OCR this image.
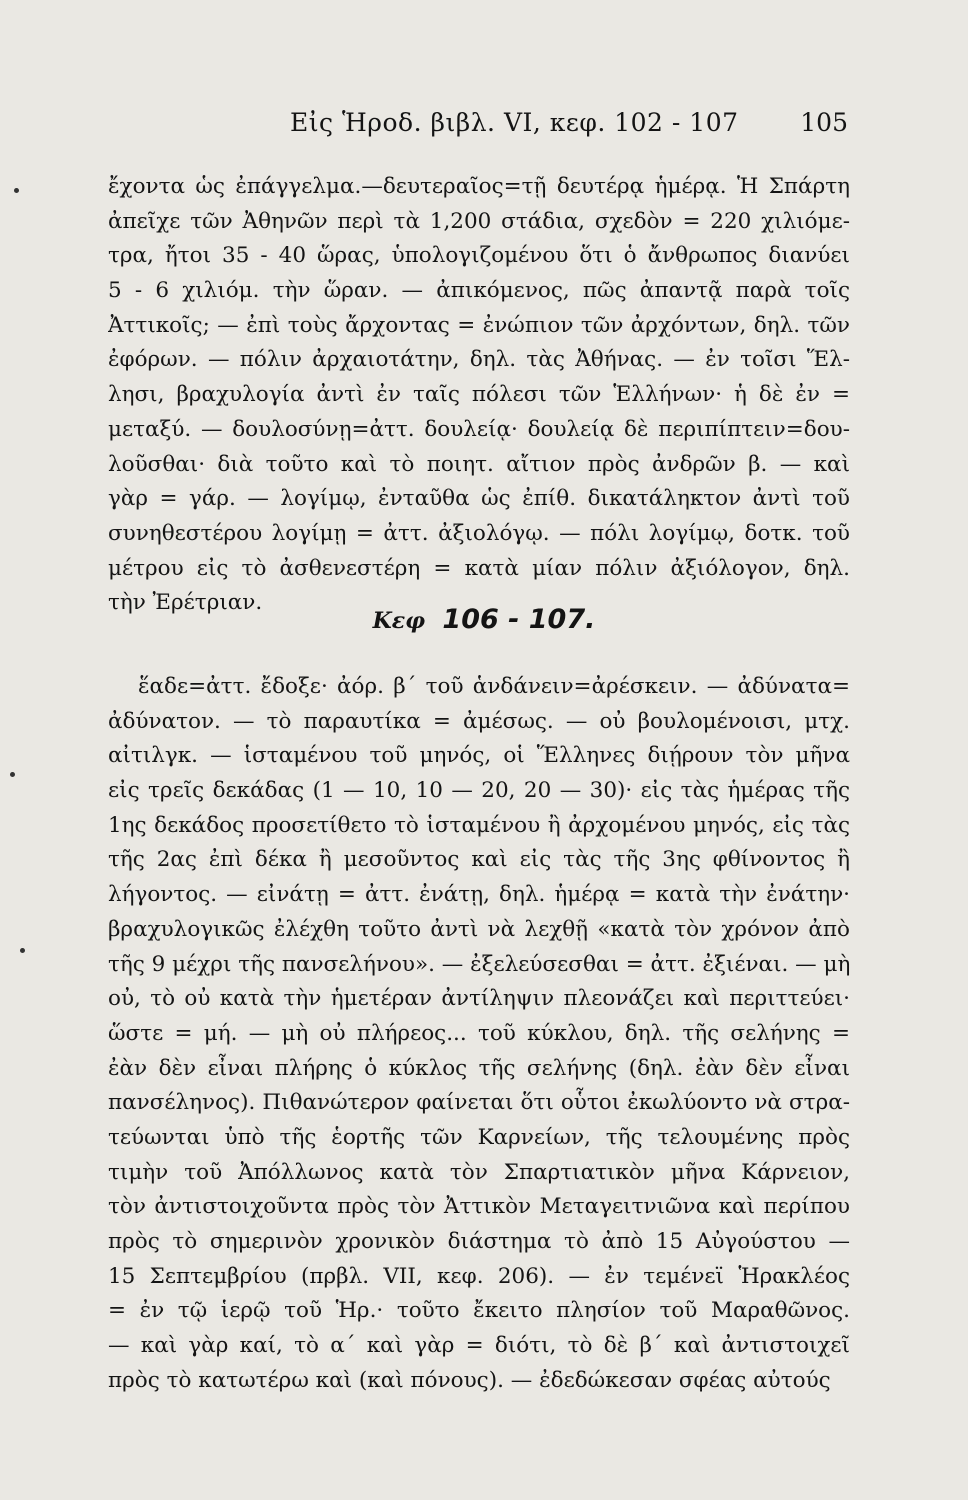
Εἰς Ἡροδ. βιβλ. VI, κεφ. 102 - 107 105
ἔχοντα ὡς ἐπάγγελμα.—δευτεραῖος=τῇ δευτέρᾳ ἡμέρᾳ. Ἡ Σπάρτη
ἀπεῖχε τῶν Ἀθηνῶν περὶ τὰ 1,200 στάδια, σχεδὸν = 220 χιλιόμε-
τρα, ἤτοι 35 - 40 ὥρας, ὑπολογιζομένου ὅτι ὁ ἄνθρωπος διανύει
5 - 6 χιλιόμ. τὴν ὥραν. — ἀπικόμενος, πῶς ἀπαντᾷ παρὰ τοῖς
Ἀττικοῖς; — ἐπὶ τοὺς ἄρχοντας = ἐνώπιον τῶν ἀρχόντων, δηλ. τῶν
ἐφόρων. — πόλιν ἀρχαιοτάτην, δηλ. τὰς Ἀθήνας. — ἐν τοῖσι Ἕλ-
λησι, βραχυλογία ἀντὶ ἐν ταῖς πόλεσι τῶν Ἑλλήνων· ἡ δὲ ἐν =
μεταξύ. — δουλοσύνῃ=ἀττ. δουλείᾳ· δουλείᾳ δὲ περιπίπτειν=δου-
λοῦσθαι· διὰ τοῦτο καὶ τὸ ποιητ. αἴτιον πρὸς ἀνδρῶν β. — καὶ
γὰρ = γάρ. — λογίμῳ, ἐνταῦθα ὡς ἐπίθ. δικατάληκτον ἀντὶ τοῦ
συνηθεστέρου λογίμῃ = ἀττ. ἀξιολόγῳ. — πόλι λογίμῳ, δοτκ. τοῦ
μέτρου εἰς τὸ ἀσθενεστέρη = κατὰ μίαν πόλιν ἀξιόλογον, δηλ.
τὴν Ἐρέτριαν.
Κεφ 106 - 107.
ἕαδε=ἀττ. ἔδοξε· ἀόρ. β΄ τοῦ ἁνδάνειν=ἀρέσκειν. — ἀδύνατα=
ἀδύνατον. — τὸ παραυτίκα = ἀμέσως. — οὐ βουλομένοισι, μτχ.
αἰτιλγκ. — ἱσταμένου τοῦ μηνός, οἱ Ἕλληνες διῄρουν τὸν μῆνα
εἰς τρεῖς δεκάδας (1 — 10, 10 — 20, 20 — 30)· εἰς τὰς ἡμέρας τῆς
1ης δεκάδος προσετίθετο τὸ ἱσταμένου ἢ ἀρχομένου μηνός, εἰς τὰς
τῆς 2ας ἐπὶ δέκα ἢ μεσοῦντος καὶ εἰς τὰς τῆς 3ης φθίνοντος ἢ
λήγοντος. — εἰνάτῃ = ἀττ. ἐνάτῃ, δηλ. ἡμέρᾳ = κατὰ τὴν ἐνάτην·
βραχυλογικῶς ἐλέχθη τοῦτο ἀντὶ νὰ λεχθῇ «κατὰ τὸν χρόνον ἀπὸ
τῆς 9 μέχρι τῆς πανσελήνου». — ἐξελεύσεσθαι = ἀττ. ἐξιέναι. — μὴ
οὐ, τὸ οὐ κατὰ τὴν ἡμετέραν ἀντίληψιν πλεονάζει καὶ περιττεύει·
ὥστε = μή. — μὴ οὐ πλήρεος... τοῦ κύκλου, δηλ. τῆς σελήνης =
ἐὰν δὲν εἶναι πλήρης ὁ κύκλος τῆς σελήνης (δηλ. ἐὰν δὲν εἶναι
πανσέληνος). Πιθανώτερον φαίνεται ὅτι οὗτοι ἐκωλύοντο νὰ στρα-
τεύωνται ὑπὸ τῆς ἑορτῆς τῶν Καρνείων, τῆς τελουμένης πρὸς
τιμὴν τοῦ Ἀπόλλωνος κατὰ τὸν Σπαρτιατικὸν μῆνα Κάρνειον,
τὸν ἀντιστοιχοῦντα πρὸς τὸν Ἀττικὸν Μεταγειτνιῶνα καὶ περίπου
πρὸς τὸ σημερινὸν χρονικὸν διάστημα τὸ ἀπὸ 15 Αὐγούστου —
15 Σεπτεμβρίου (πρβλ. VII, κεφ. 206). — ἐν τεμένεϊ Ἡρακλέος
= ἐν τῷ ἱερῷ τοῦ Ἡρ.· τοῦτο ἔκειτο πλησίον τοῦ Μαραθῶνος.
— καὶ γὰρ καί, τὸ α΄ καὶ γὰρ = διότι, τὸ δὲ β΄ καὶ ἀντιστοιχεῖ
πρὸς τὸ κατωτέρω καὶ (καὶ πόνους). — ἐδεδώκεσαν σφέας αὐτούς
